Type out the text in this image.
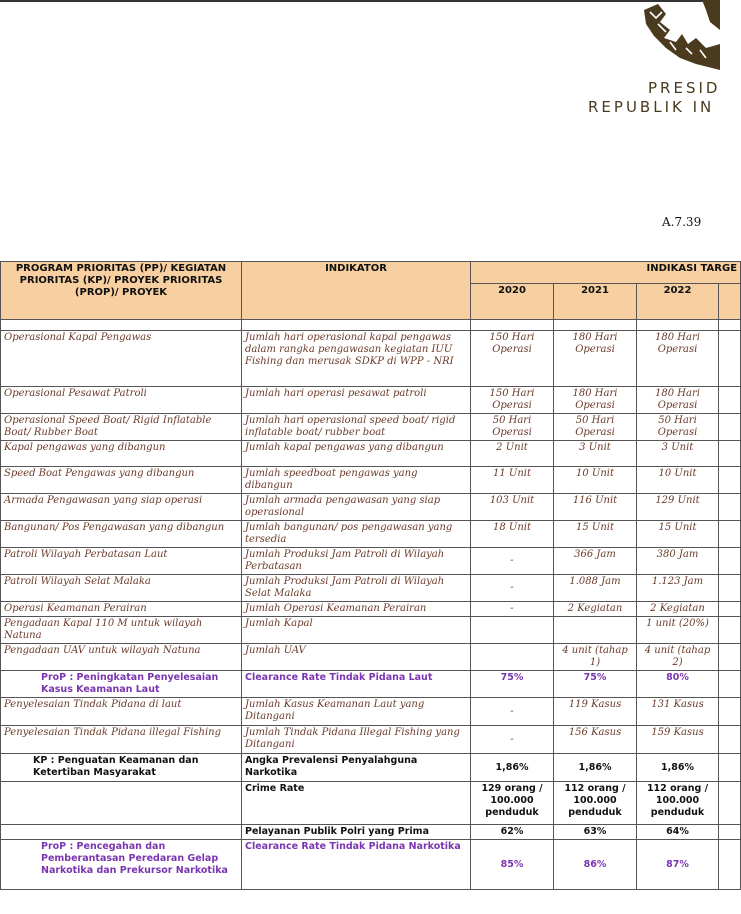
PRESID
REPUBLIK IN
A.7.39
PROGRAM PRIORITAS (PP)/ KEGIATAN PRIORITAS (KP)/ PROYEK PRIORITAS (PROP)/ PROYEK	INDIKATOR	INDIKASI TARGE			
		2020	2021	2022	

Operasional Kapal Pengawas	Jumlah hari operasional kapal pengawas dalam rangka pengawasan kegiatan IUU Fishing dan merusak SDKP di WPP - NRI	150 Hari Operasi	180 Hari Operasi	180 Hari Operasi	
Operasional Pesawat Patroli	Jumlah hari operasi pesawat patroli	150 Hari Operasi	180 Hari Operasi	180 Hari Operasi	
Operasional Speed Boat/ Rigid Inflatable Boat/ Rubber Boat	Jumlah hari operasional speed boat/ rigid inflatable boat/ rubber boat	50 Hari Operasi	50 Hari Operasi	50 Hari Operasi	
Kapal pengawas yang dibangun	Jumlah kapal pengawas yang dibangun	2 Unit	3 Unit	3 Unit	
Speed Boat Pengawas yang dibangun	Jumlah speedboat pengawas yang dibangun	11 Unit	10 Unit	10 Unit	
Armada Pengawasan yang siap operasi	Jumlah armada pengawasan yang siap operasional	103 Unit	116 Unit	129 Unit	
Bangunan/ Pos Pengawasan yang dibangun	Jumlah bangunan/ pos pengawasan yang tersedia	18 Unit	15 Unit	15 Unit	
Patroli Wilayah Perbatasan Laut	Jumlah Produksi Jam Patroli di Wilayah Perbatasan	-	366 Jam	380 Jam	
Patroli Wilayah Selat Malaka	Jumlah Produksi Jam Patroli di Wilayah Selat Malaka	-	1.088 Jam	1.123 Jam	
Operasi Keamanan Perairan	Jumlah Operasi Keamanan Perairan	-	2 Kegiatan	2 Kegiatan	
Pengadaan Kapal 110 M untuk wilayah Natuna	Jumlah Kapal			1 unit (20%)	
Pengadaan UAV untuk wilayah Natuna	Jumlah UAV		4 unit (tahap 1)	4 unit (tahap 2)	
ProP : Peningkatan Penyelesaian Kasus Keamanan Laut	Clearance Rate Tindak Pidana Laut	75%	75%	80%	
Penyelesaian Tindak Pidana di laut	Jumlah Kasus Keamanan Laut yang Ditangani	-	119 Kasus	131 Kasus	
Penyelesaian Tindak Pidana illegal Fishing	Jumlah Tindak Pidana Illegal Fishing yang Ditangani	-	156 Kasus	159 Kasus	
KP : Penguatan Keamanan dan Ketertiban Masyarakat	Angka Prevalensi Penyalahguna Narkotika	1,86%	1,86%	1,86%	
	Crime Rate	129 orang / 100.000 penduduk	112 orang / 100.000 penduduk	112 orang / 100.000 penduduk	
	Pelayanan Publik Polri yang Prima	62%	63%	64%	
ProP : Pencegahan dan Pemberantasan Peredaran Gelap Narkotika dan Prekursor Narkotika	Clearance Rate Tindak Pidana Narkotika	85%	86%	87%	
